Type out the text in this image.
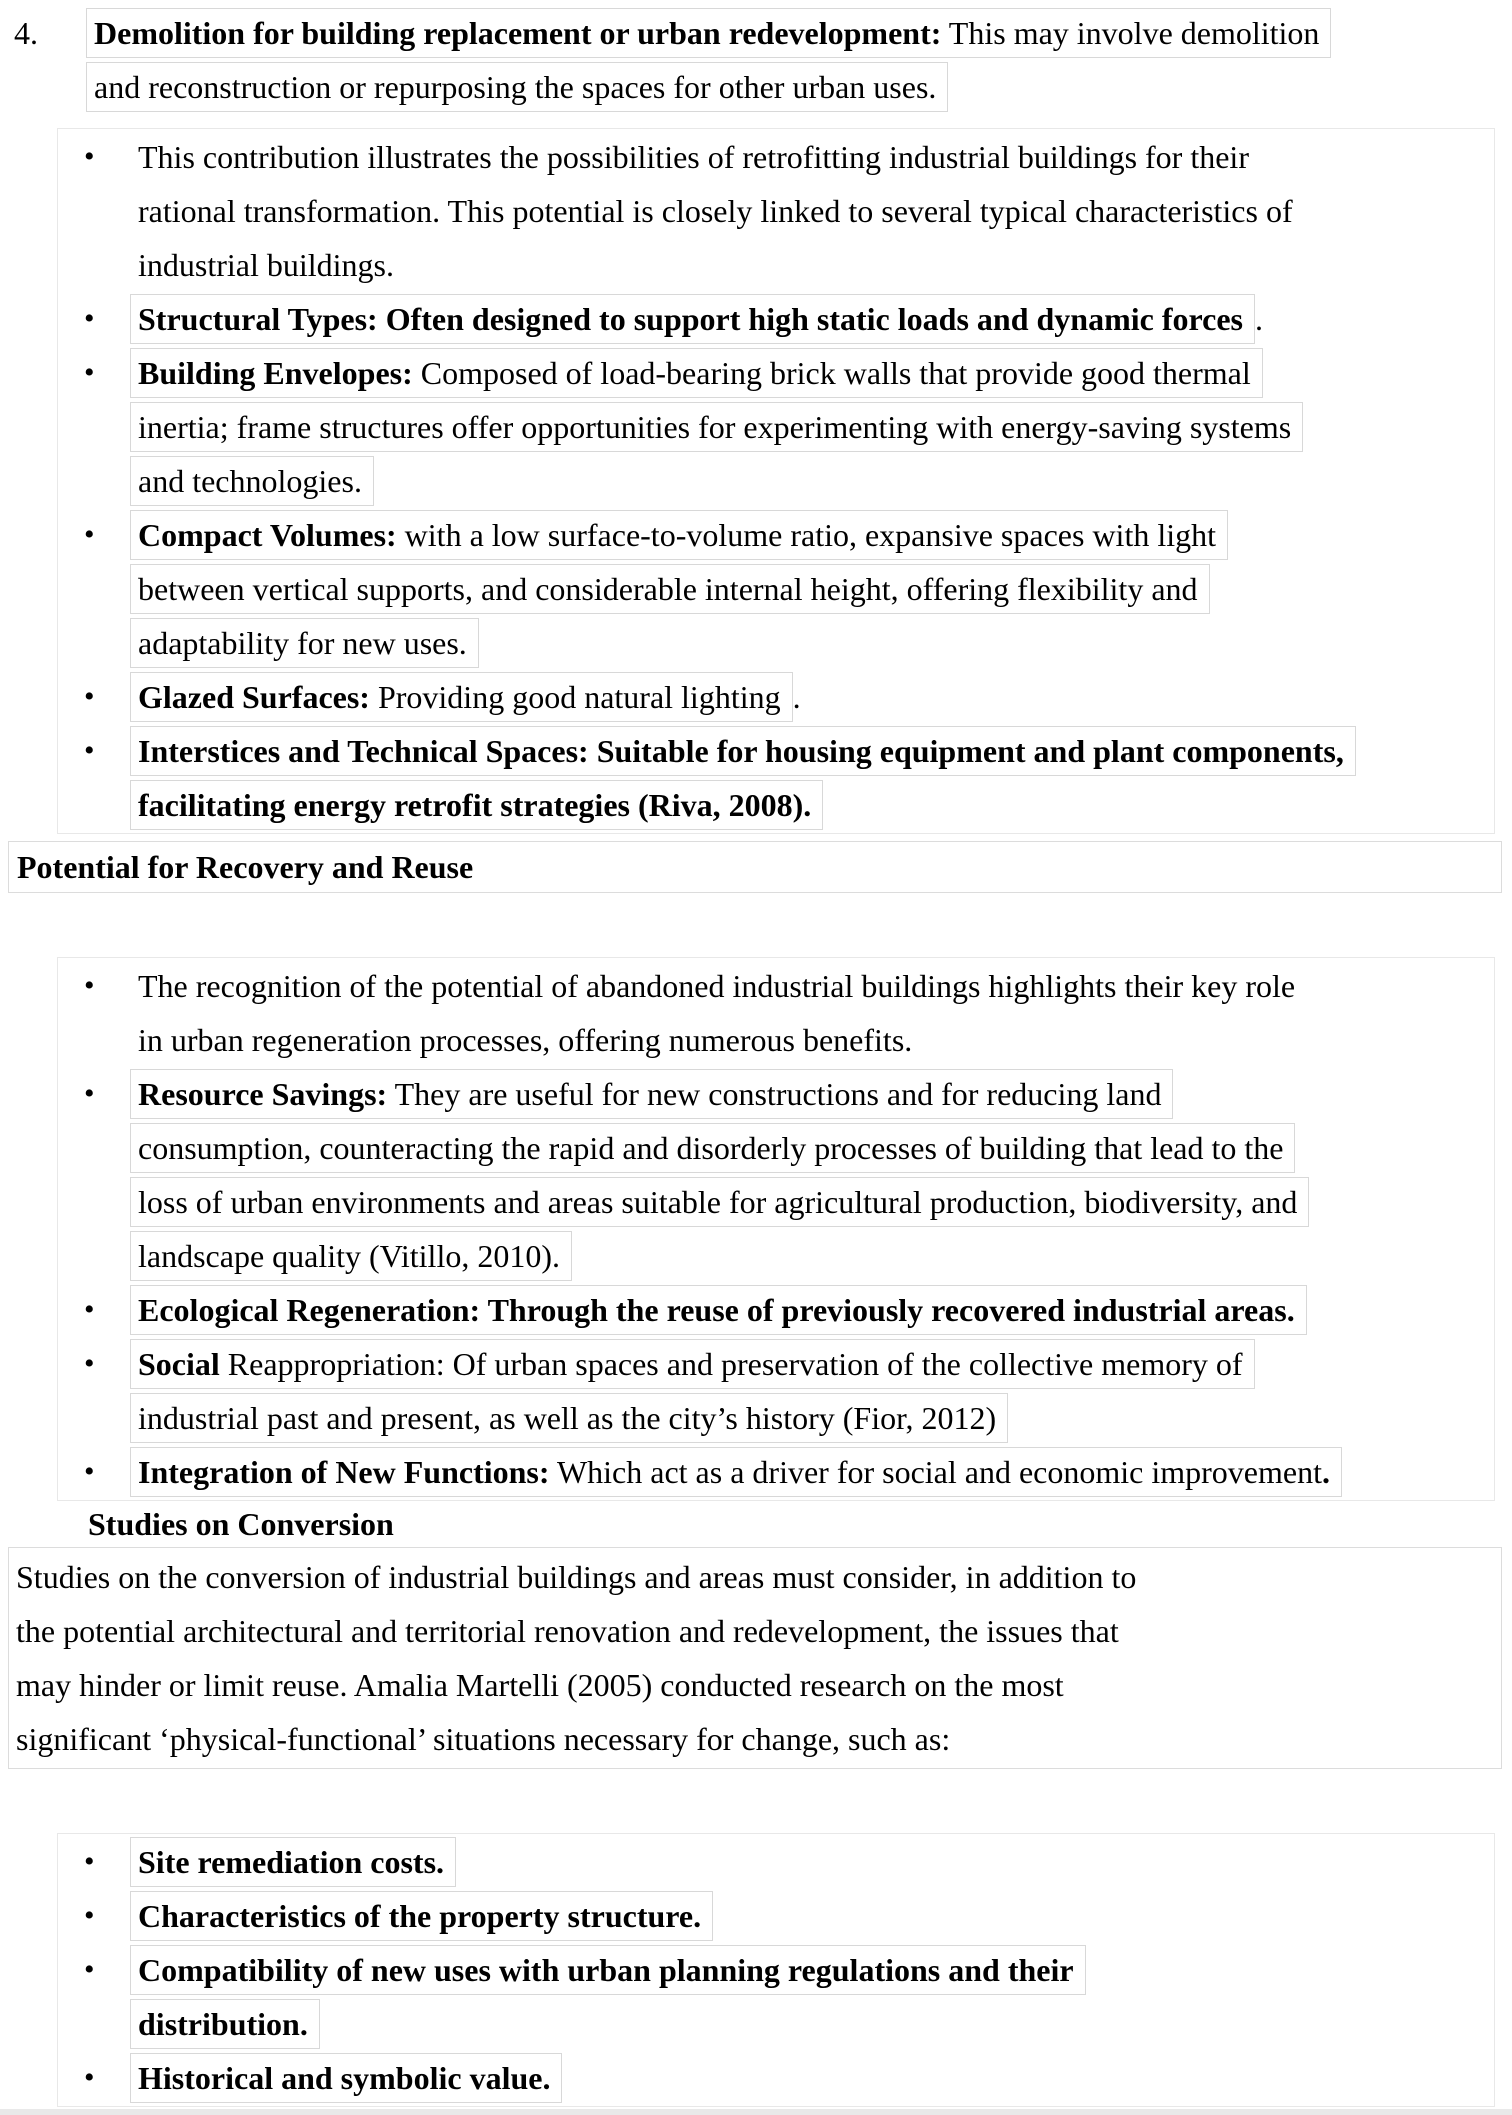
4. Demolition for building replacement or urban redevelopment: This may involve demolition
and reconstruction or repurposing the spaces for other urban uses.
• This contribution illustrates the possibilities of retrofitting industrial buildings for their
rational transformation. This potential is closely linked to several typical characteristics of
industrial buildings.
• Structural Types: Often designed to support high static loads and dynamic forces .
• Building Envelopes: Composed of load-bearing brick walls that provide good thermal
inertia; frame structures offer opportunities for experimenting with energy-saving systems
and technologies.
• Compact Volumes: with a low surface-to-volume ratio, expansive spaces with light
between vertical supports, and considerable internal height, offering flexibility and
adaptability for new uses.
• Glazed Surfaces: Providing good natural lighting .
• Interstices and Technical Spaces: Suitable for housing equipment and plant components,
facilitating energy retrofit strategies (Riva, 2008).
Potential for Recovery and Reuse
• The recognition of the potential of abandoned industrial buildings highlights their key role
in urban regeneration processes, offering numerous benefits.
• Resource Savings: They are useful for new constructions and for reducing land
consumption, counteracting the rapid and disorderly processes of building that lead to the
loss of urban environments and areas suitable for agricultural production, biodiversity, and
landscape quality (Vitillo, 2010).
• Ecological Regeneration: Through the reuse of previously recovered industrial areas.
• Social Reappropriation: Of urban spaces and preservation of the collective memory of
industrial past and present, as well as the city’s history (Fior, 2012)
• Integration of New Functions: Which act as a driver for social and economic improvement .
Studies on Conversion
Studies on the conversion of industrial buildings and areas must consider, in addition to
the potential architectural and territorial renovation and redevelopment, the issues that
may hinder or limit reuse. Amalia Martelli (2005) conducted research on the most
significant ‘physical-functional’ situations necessary for change, such as:
• Site remediation costs.
• Characteristics of the property structure.
• Compatibility of new uses with urban planning regulations and their
distribution.
• Historical and symbolic value.
